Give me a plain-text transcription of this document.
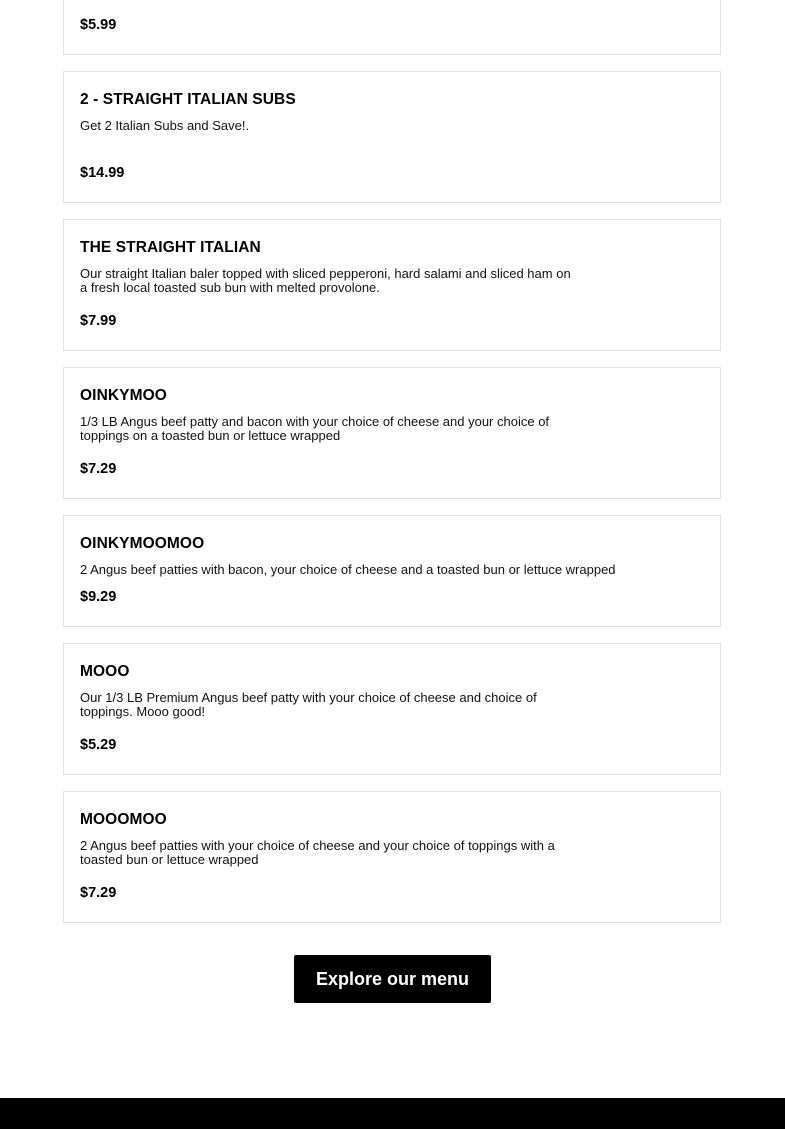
$5.99
2 - STRAIGHT ITALIAN SUBS
Get 2 Italian Subs and Save!.
$14.99
THE STRAIGHT ITALIAN
Our straight Italian baler topped with sliced pepperoni, hard salami and sliced ham on a fresh local toasted sub bun with melted provolone.
$7.99
OINKYMOO
1/3 LB Angus beef patty and bacon with your choice of cheese and your choice of toppings on a toasted bun or lettuce wrapped
$7.29
OINKYMOOMOO
2 Angus beef patties with bacon, your choice of cheese and a toasted bun or lettuce wrapped
$9.29
MOOO
Our 1/3 LB Premium Angus beef patty with your choice of cheese and choice of toppings. Mooo good!
$5.29
MOOOMOO
2 Angus beef patties with your choice of cheese and your choice of toppings with a toasted bun or lettuce wrapped
$7.29
Explore our menu
